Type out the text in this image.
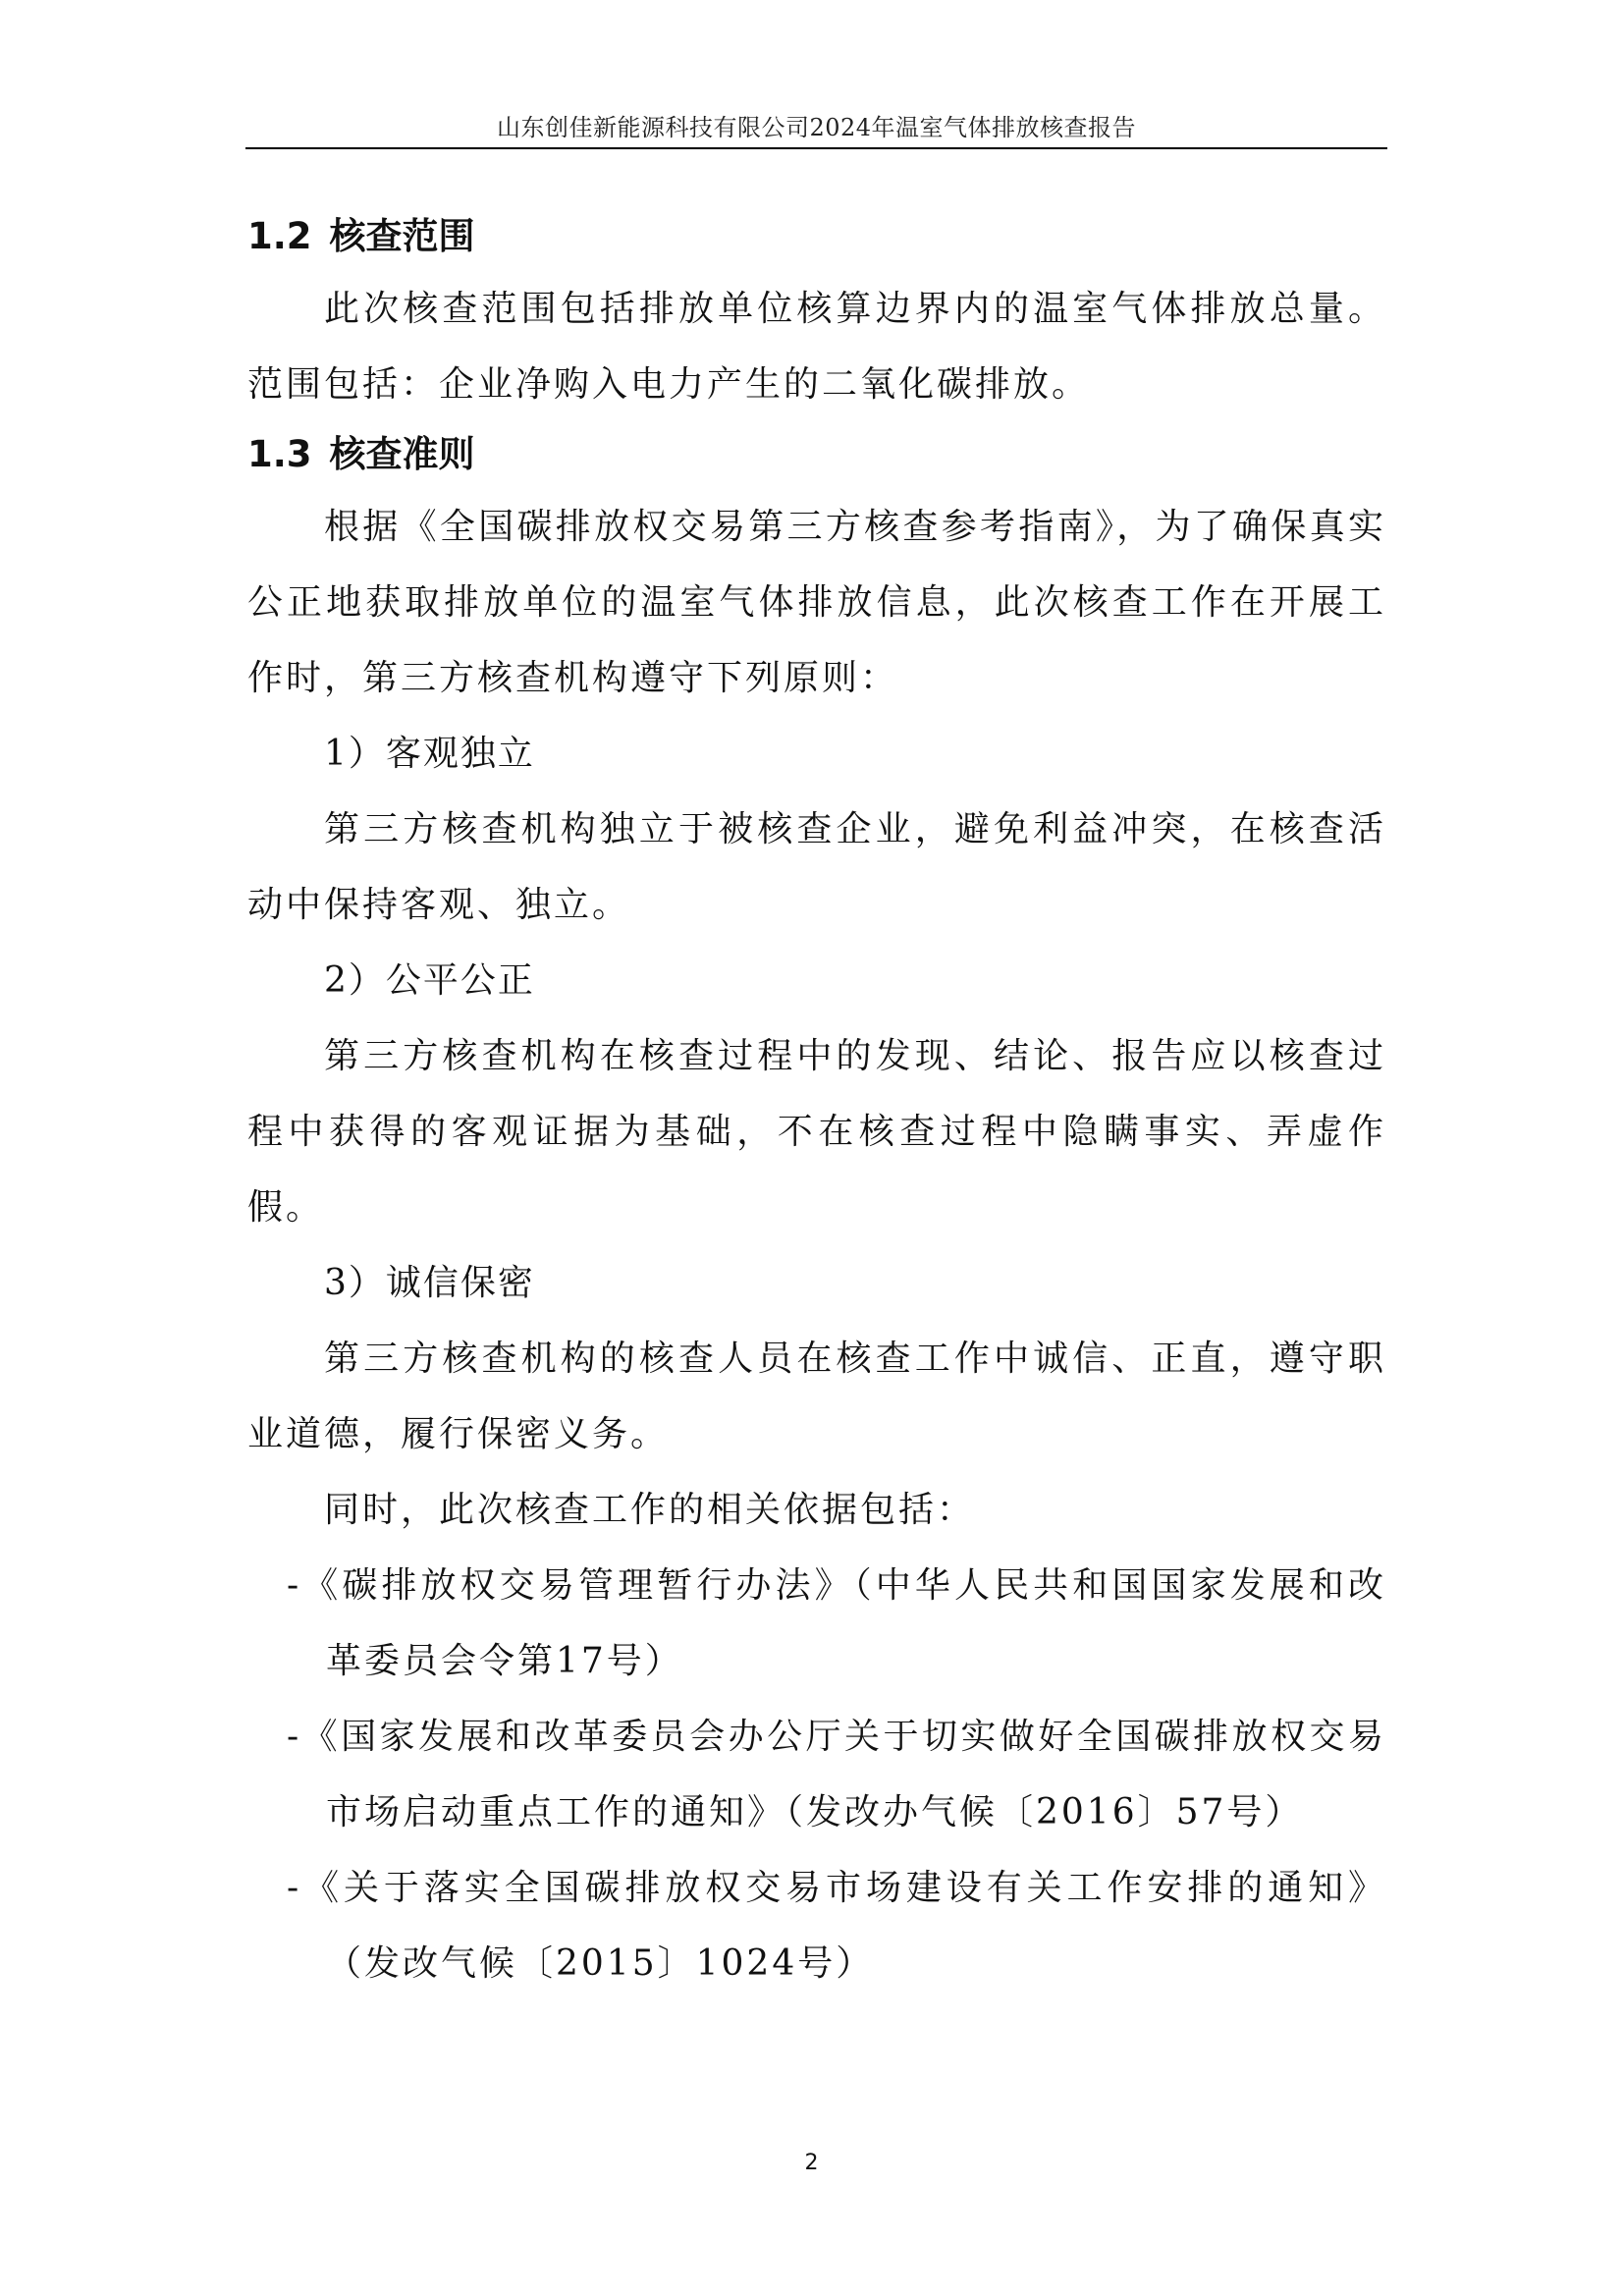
山东创佳新能源科技有限公司2024年温室气体排放核查报告
1.2 核查范围

此次核查范围包括排放单位核算边界内的温室气体排放总量。范围包括：企业净购入电力产生的二氧化碳排放。

1.3 核查准则

根据《全国碳排放权交易第三方核查参考指南》，为了确保真实公正地获取排放单位的温室气体排放信息，此次核查工作在开展工作时，第三方核查机构遵守下列原则：

1）客观独立

第三方核查机构独立于被核查企业，避免利益冲突，在核查活动中保持客观、独立。

2）公平公正

第三方核查机构在核查过程中的发现、结论、报告应以核查过程中获得的客观证据为基础，不在核查过程中隐瞒事实、弄虚作假。

3）诚信保密

第三方核查机构的核查人员在核查工作中诚信、正直，遵守职业道德，履行保密义务。

同时，此次核查工作的相关依据包括：

-《碳排放权交易管理暂行办法》（中华人民共和国国家发展和改革委员会令第17号）

-《国家发展和改革委员会办公厅关于切实做好全国碳排放权交易市场启动重点工作的通知》（发改办气候〔2016〕57号）

-《关于落实全国碳排放权交易市场建设有关工作安排的通知》（发改气候〔2015〕1024号）

2
